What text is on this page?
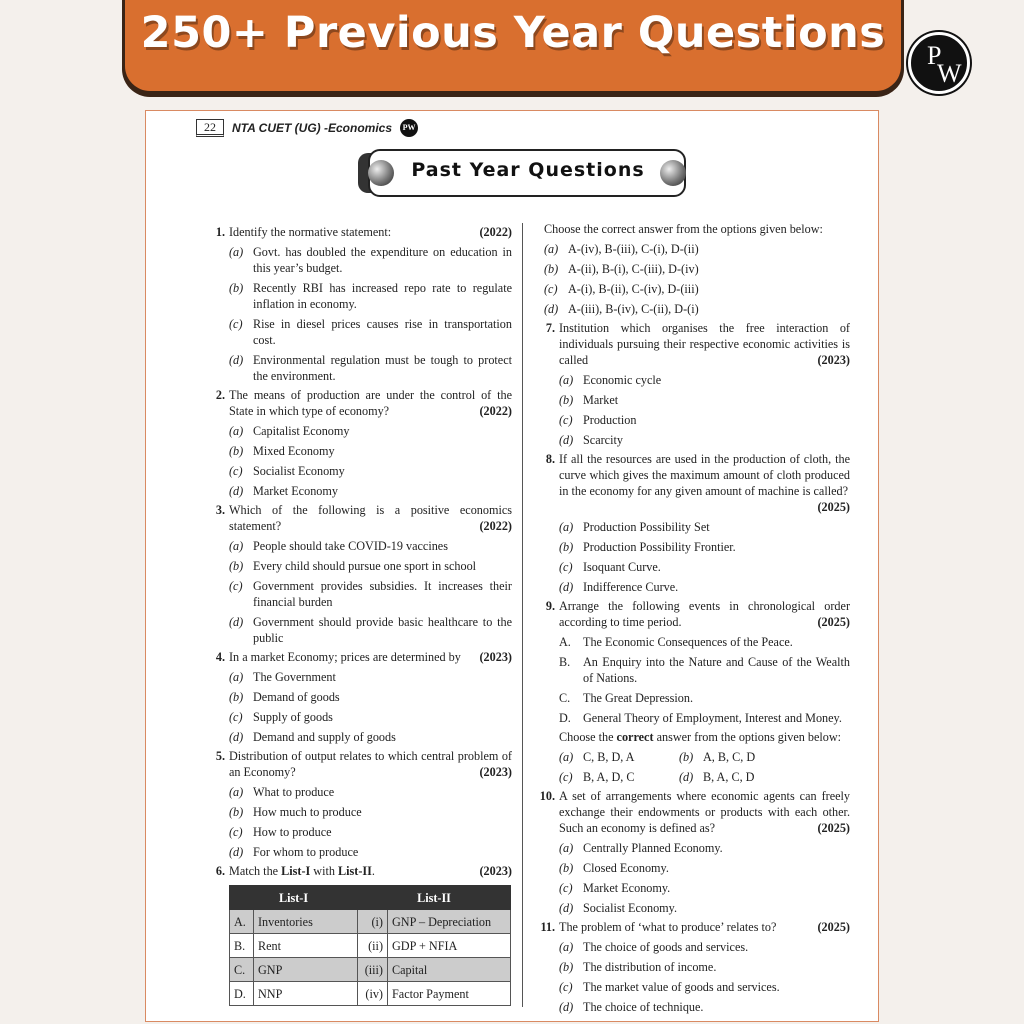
250+ Previous Year Questions	P
W
22	NTA CUET (UG) -Economics	PW
Past Year Questions
1.	(2022)
Identify the normative statement:
(a) Govt. has doubled the expenditure on education in this year’s budget.
(b) Recently RBI has increased repo rate to regulate inflation in economy.
(c) Rise in diesel prices causes rise in transportation cost.
(d) Environmental regulation must be tough to protect the environment.
2. The means of production are under the control of the State in which type of economy?	(2022)
(a) Capitalist Economy
(b) Mixed Economy
(c) Socialist Economy
(d) Market Economy
3. Which of the following is a positive economics statement?	(2022)
(a) People should take COVID-19 vaccines
(b) Every child should pursue one sport in school
(c) Government provides subsidies. It increases their financial burden
(d) Government should provide basic healthcare to the public
4.	(2023)
In a market Economy; prices are determined by
(a) The Government
(b) Demand of goods
(c) Supply of goods
(d) Demand and supply of goods
5. Distribution of output relates to which central problem of an Economy?	(2023)
(a) What to produce
(b) How much to produce
(c) How to produce
(d) For whom to produce
6.	(2023)
Match the List-I with List-II.
List-I		List-II	
A.	Inventories	(i)	GNP – Depreciation
B.	Rent	(ii)	GDP + NFIA
C.	GNP	(iii)	Capital
D.	NNP	(iv)	Factor Payment
Choose the correct answer from the options given below:
(a) A-(iv), B-(iii), C-(i), D-(ii)
(b) A-(ii), B-(i), C-(iii), D-(iv)
(c) A-(i), B-(ii), C-(iv), D-(iii)
(d) A-(iii), B-(iv), C-(ii), D-(i)
7. Institution which organises the free interaction of individuals pursuing their respective economic activities is called	(2023)
(a) Economic cycle
(b) Market
(c) Production
(d) Scarcity
8. If all the resources are used in the production of cloth, the curve which gives the maximum amount of cloth produced in the economy for any given amount of machine is called?
(2025)
(a) Production Possibility Set
(b) Production Possibility Frontier.
(c) Isoquant Curve.
(d) Indifference Curve.
9. Arrange the following events in chronological order according to time period.	(2025)
A. The Economic Consequences of the Peace.
B.	An Enquiry into the Nature and Cause of the Wealth of Nations.
C.	The Great Depression.
D. General Theory of Employment, Interest and Money.
Choose the correct answer from the options given below:
(a) C, B, D, A	(b) A, B, C, D
(c) B, A, D, C	(d) B, A, C, D
10. A set of arrangements where economic agents can freely exchange their endowments or products with each other. Such an economy is defined as?	(2025)
(a) Centrally Planned Economy.
(b) Closed Economy.
(c) Market Economy.
(d) Socialist Economy.
11.	(2025)
The problem of ‘what to produce’ relates to?
(a) The choice of goods and services.
(b) The distribution of income.
(c) The market value of goods and services.
(d) The choice of technique.
